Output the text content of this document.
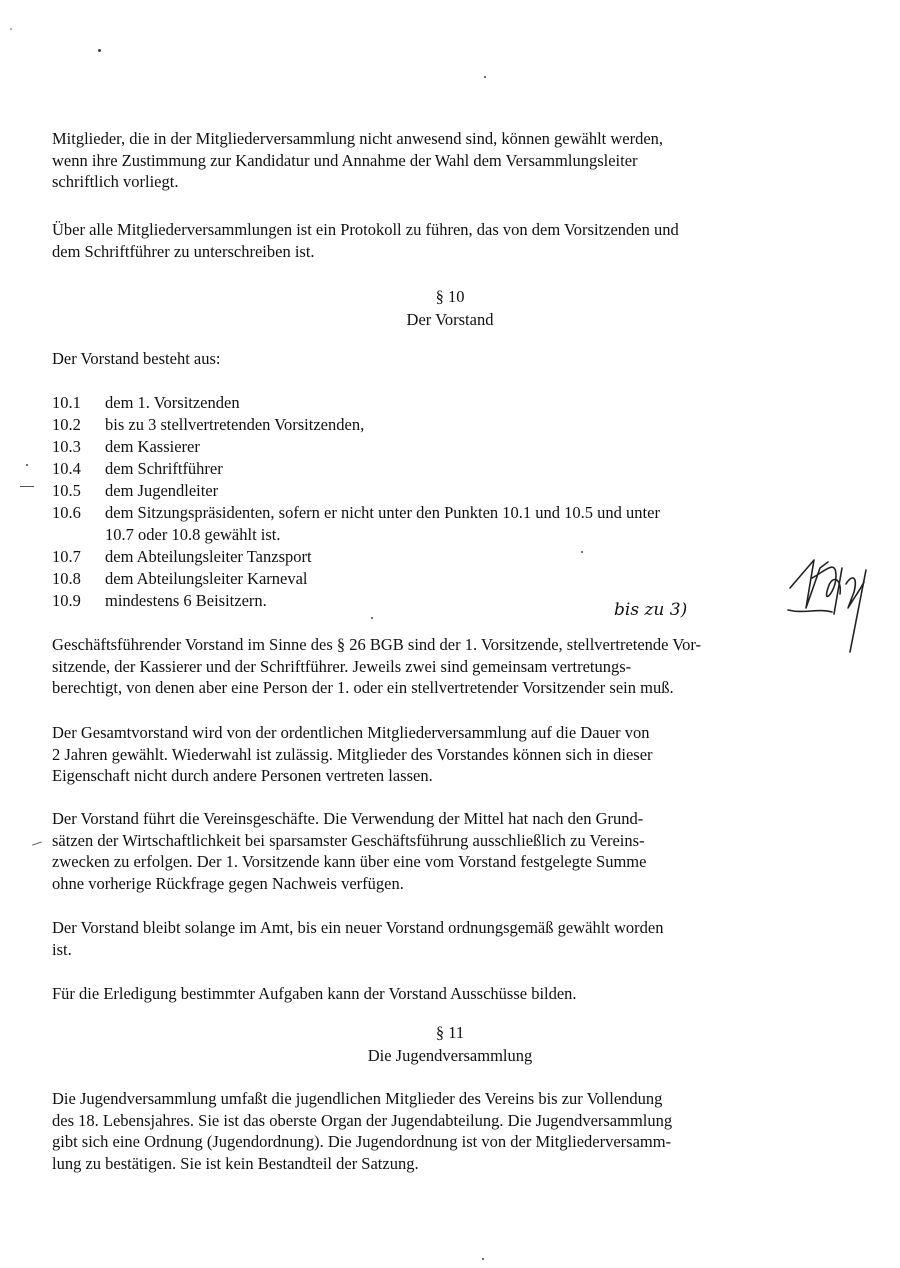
Mitglieder, die in der Mitgliederversammlung nicht anwesend sind, können gewählt werden,
wenn ihre Zustimmung zur Kandidatur und Annahme der Wahl dem Versammlungsleiter
schriftlich vorliegt.
Über alle Mitgliederversammlungen ist ein Protokoll zu führen, das von dem Vorsitzenden und
dem Schriftführer zu unterschreiben ist.
§ 10
Der Vorstand
Der Vorstand besteht aus:
10.1 dem 1. Vorsitzenden
10.2 bis zu 3 stellvertretenden Vorsitzenden,
10.3 dem Kassierer
10.4 dem Schriftführer
10.5 dem Jugendleiter
10.6 dem Sitzungspräsidenten, sofern er nicht unter den Punkten 10.1 und 10.5 und unter
10.7 oder 10.8 gewählt ist.
10.7 dem Abteilungsleiter Tanzsport
10.8 dem Abteilungsleiter Karneval
10.9 mindestens 6 Beisitzern.	bis zu 3)
Geschäftsführender Vorstand im Sinne des § 26 BGB sind der 1. Vorsitzende, stellvertretende Vor-
sitzende, der Kassierer und der Schriftführer. Jeweils zwei sind gemeinsam vertretungs-
berechtigt, von denen aber eine Person der 1. oder ein stellvertretender Vorsitzender sein muß.
Der Gesamtvorstand wird von der ordentlichen Mitgliederversammlung auf die Dauer von
2 Jahren gewählt. Wiederwahl ist zulässig. Mitglieder des Vorstandes können sich in dieser
Eigenschaft nicht durch andere Personen vertreten lassen.
Der Vorstand führt die Vereinsgeschäfte. Die Verwendung der Mittel hat nach den Grund-
sätzen der Wirtschaftlichkeit bei sparsamster Geschäftsführung ausschließlich zu Vereins-
zwecken zu erfolgen. Der 1. Vorsitzende kann über eine vom Vorstand festgelegte Summe
ohne vorherige Rückfrage gegen Nachweis verfügen.
Der Vorstand bleibt solange im Amt, bis ein neuer Vorstand ordnungsgemäß gewählt worden
ist.
Für die Erledigung bestimmter Aufgaben kann der Vorstand Ausschüsse bilden.
§ 11
Die Jugendversammlung
Die Jugendversammlung umfaßt die jugendlichen Mitglieder des Vereins bis zur Vollendung
des 18. Lebensjahres. Sie ist das oberste Organ der Jugendabteilung. Die Jugendversammlung
gibt sich eine Ordnung (Jugendordnung). Die Jugendordnung ist von der Mitgliederversamm-
lung zu bestätigen. Sie ist kein Bestandteil der Satzung.
